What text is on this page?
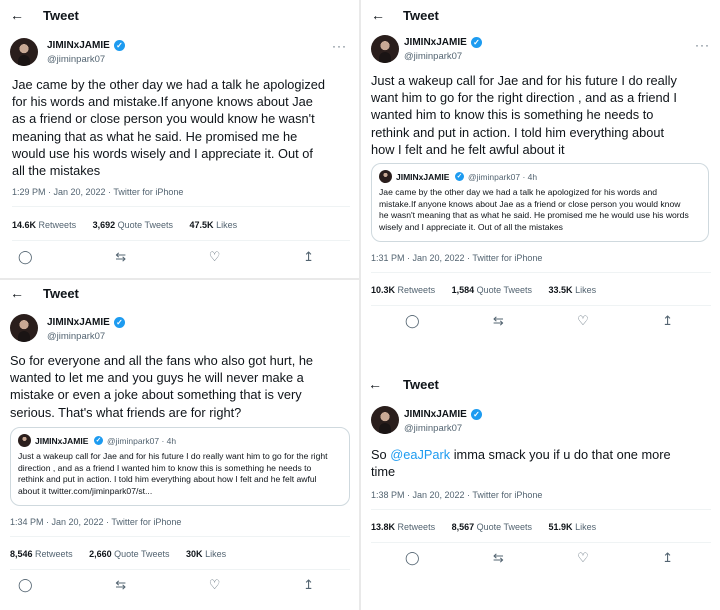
← Tweet
JIMINxJAMIE ✓
@jiminpark07
···
Jae came by the other day we had a talk he apologized
for his words and mistake.If anyone knows about Jae
as a friend or close person you would know he wasn't
meaning that as what he said. He promised me he
would use his words wisely and I appreciate it. Out of
all the mistakes
1:29 PM · Jan 20, 2022 · Twitter for iPhone
14.6K Retweets 3,692 Quote Tweets 47.5K Likes
◯	⇆	♡	↥
← Tweet
JIMINxJAMIE ✓
@jiminpark07
···
Just a wakeup call for Jae and for his future I do really
want him to go for the right direction , and as a friend I
wanted him to know this is something he needs to
rethink and put in action. I told him everything about
how I felt and he felt awful about it
JIMINxJAMIE ✓ @jiminpark07 · 4h
Jae came by the other day we had a talk he apologized for his words and
mistake.If anyone knows about Jae as a friend or close person you would know
he wasn't meaning that as what he said. He promised me he would use his words
wisely and I appreciate it. Out of all the mistakes
1:31 PM · Jan 20, 2022 · Twitter for iPhone
10.3K Retweets 1,584 Quote Tweets 33.5K Likes
◯	⇆	♡	↥
← Tweet
JIMINxJAMIE ✓
@jiminpark07
So for everyone and all the fans who also got hurt, he
wanted to let me and you guys he will never make a
mistake or even a joke about something that is very
serious. That's what friends are for right?
JIMINxJAMIE ✓ @jiminpark07 · 4h
Just a wakeup call for Jae and for his future I do really want him to go for the right
direction , and as a friend I wanted him to know this is something he needs to
rethink and put in action. I told him everything about how I felt and he felt awful
about it twitter.com/jiminpark07/st...
1:34 PM · Jan 20, 2022 · Twitter for iPhone
8,546 Retweets 2,660 Quote Tweets 30K Likes
◯	⇆	♡	↥
← Tweet
JIMINxJAMIE ✓
@jiminpark07
So @eaJPark imma smack you if u do that one more
time
1:38 PM · Jan 20, 2022 · Twitter for iPhone
13.8K Retweets 8,567 Quote Tweets 51.9K Likes
◯	⇆	♡	↥
